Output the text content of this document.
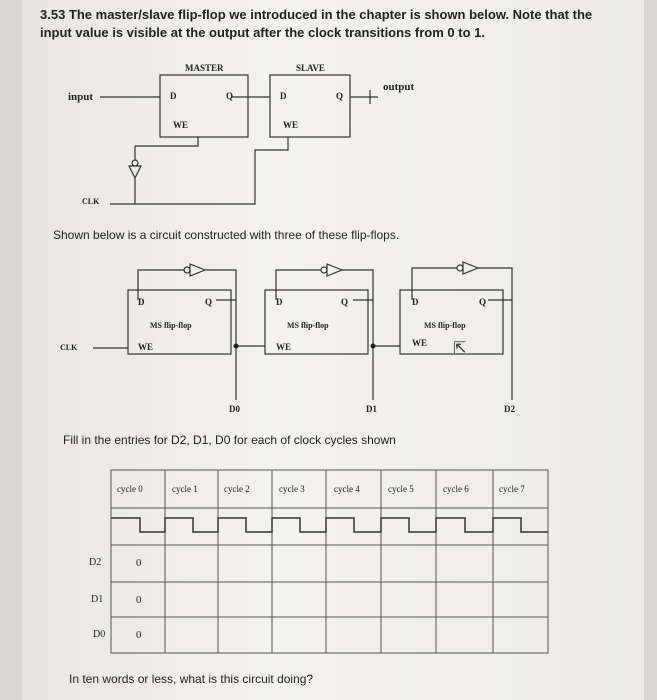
3.53 The master/slave flip-flop we introduced in the chapter is shown below. Note that the
input value is visible at the output after the clock transitions from 0 to 1.
MASTER	SLAVE
input
output
CLK
D	Q
WE
D	Q
WE
Shown below is a circuit constructed with three of these flip-flops.
CLK
D	Q
MS flip-flop
WE
D	Q
MS flip-flop
WE
D	Q
MS flip-flop
WE ⇱
D0	D1	D2
Fill in the entries for D2, D1, D0 for each of clock cycles shown
cycle 0	cycle 1	cycle 2	cycle 3	cycle 4	cycle 5	cycle 6	cycle 7
D2	0
D1	0
D0	0
In ten words or less, what is this circuit doing?
